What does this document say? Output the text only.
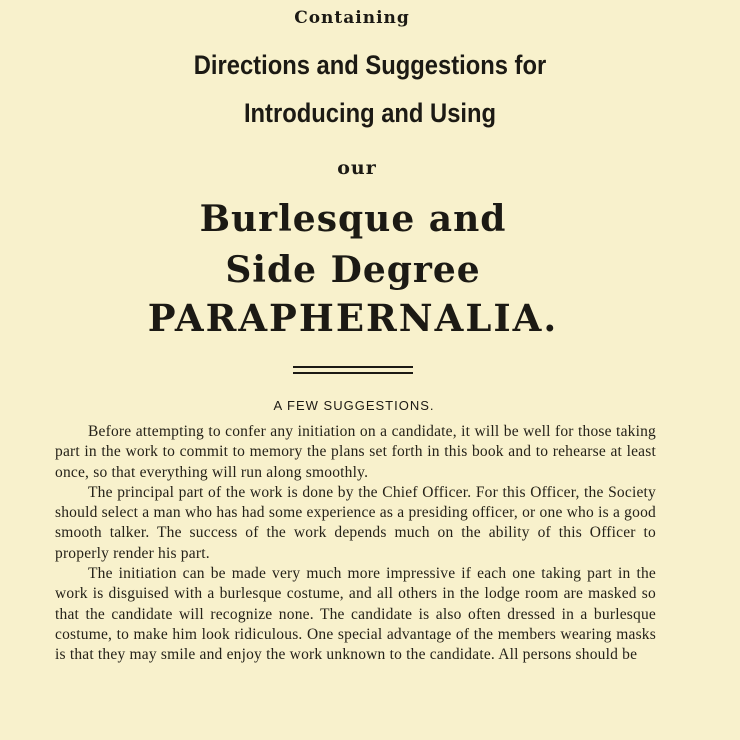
Containing
Directions and Suggestions for
Introducing and Using
our
Burlesque and
Side Degree
PARAPHERNALIA.
A FEW SUGGESTIONS.

Before attempting to confer any initiation on a candidate, it will be well for those taking part in the work to commit to memory the plans set forth in this book and to rehearse at least once, so that everything will run along smoothly.

The principal part of the work is done by the Chief Officer. For this Officer, the Society should select a man who has had some experience as a presiding officer, or one who is a good smooth talker. The success of the work depends much on the ability of this Officer to properly render his part.

The initiation can be made very much more impressive if each one taking part in the work is disguised with a burlesque costume, and all others in the lodge room are masked so that the candidate will recognize none. The candidate is also often dressed in a burlesque costume, to make him look ridiculous. One special advantage of the members wearing masks is that they may smile and enjoy the work unknown to the candidate. All persons should be
